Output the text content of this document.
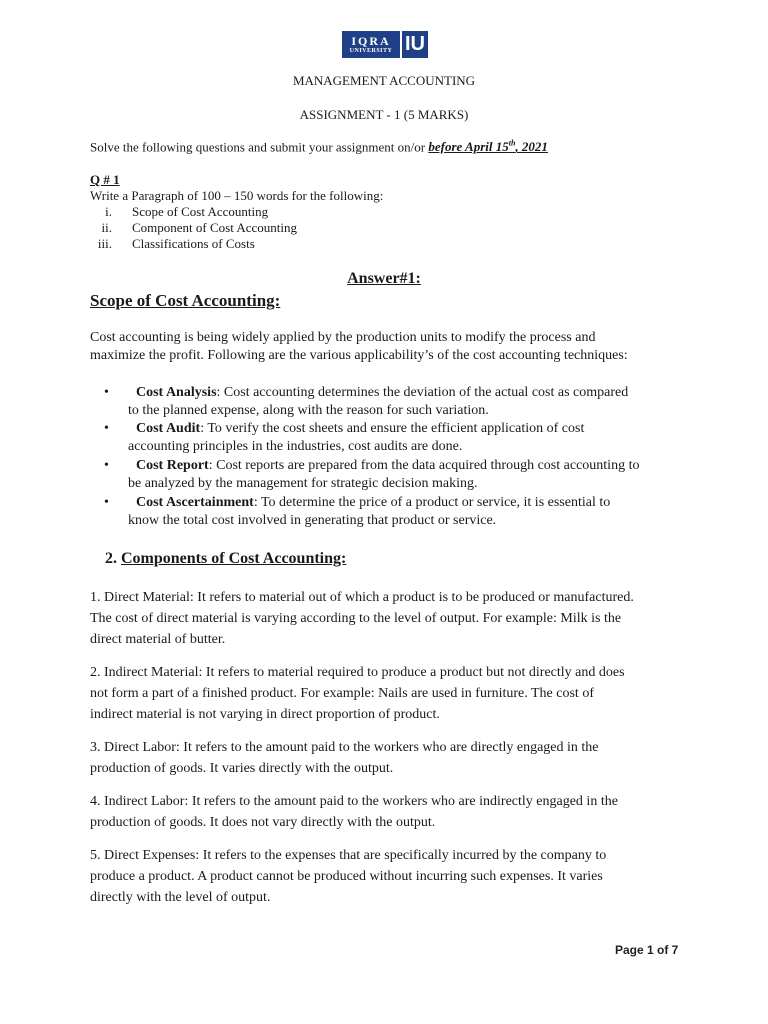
IQRA
UNIVERSITY IU
MANAGEMENT ACCOUNTING
ASSIGNMENT - 1 (5 MARKS)
Solve the following questions and submit your assignment on/or before April 15th, 2021
Q # 1
Write a Paragraph of 100 – 150 words for the following:
i. Scope of Cost Accounting
ii. Component of Cost Accounting
iii. Classifications of Costs
Answer#1:
Scope of Cost Accounting:
Cost accounting is being widely applied by the production units to modify the process and
maximize the profit. Following are the various applicability’s of the cost accounting techniques:
• Cost Analysis: Cost accounting determines the deviation of the actual cost as compared
to the planned expense, along with the reason for such variation.
• Cost Audit: To verify the cost sheets and ensure the efficient application of cost
accounting principles in the industries, cost audits are done.
• Cost Report: Cost reports are prepared from the data acquired through cost accounting to
be analyzed by the management for strategic decision making.
• Cost Ascertainment: To determine the price of a product or service, it is essential to
know the total cost involved in generating that product or service.
2. Components of Cost Accounting:
1. Direct Material: It refers to material out of which a product is to be produced or manufactured.
The cost of direct material is varying according to the level of output. For example: Milk is the
direct material of butter.
2. Indirect Material: It refers to material required to produce a product but not directly and does
not form a part of a finished product. For example: Nails are used in furniture. The cost of
indirect material is not varying in direct proportion of product.
3. Direct Labor: It refers to the amount paid to the workers who are directly engaged in the
production of goods. It varies directly with the output.
4. Indirect Labor: It refers to the amount paid to the workers who are indirectly engaged in the
production of goods. It does not vary directly with the output.
5. Direct Expenses: It refers to the expenses that are specifically incurred by the company to
produce a product. A product cannot be produced without incurring such expenses. It varies
directly with the level of output.
Page 1 of 7
